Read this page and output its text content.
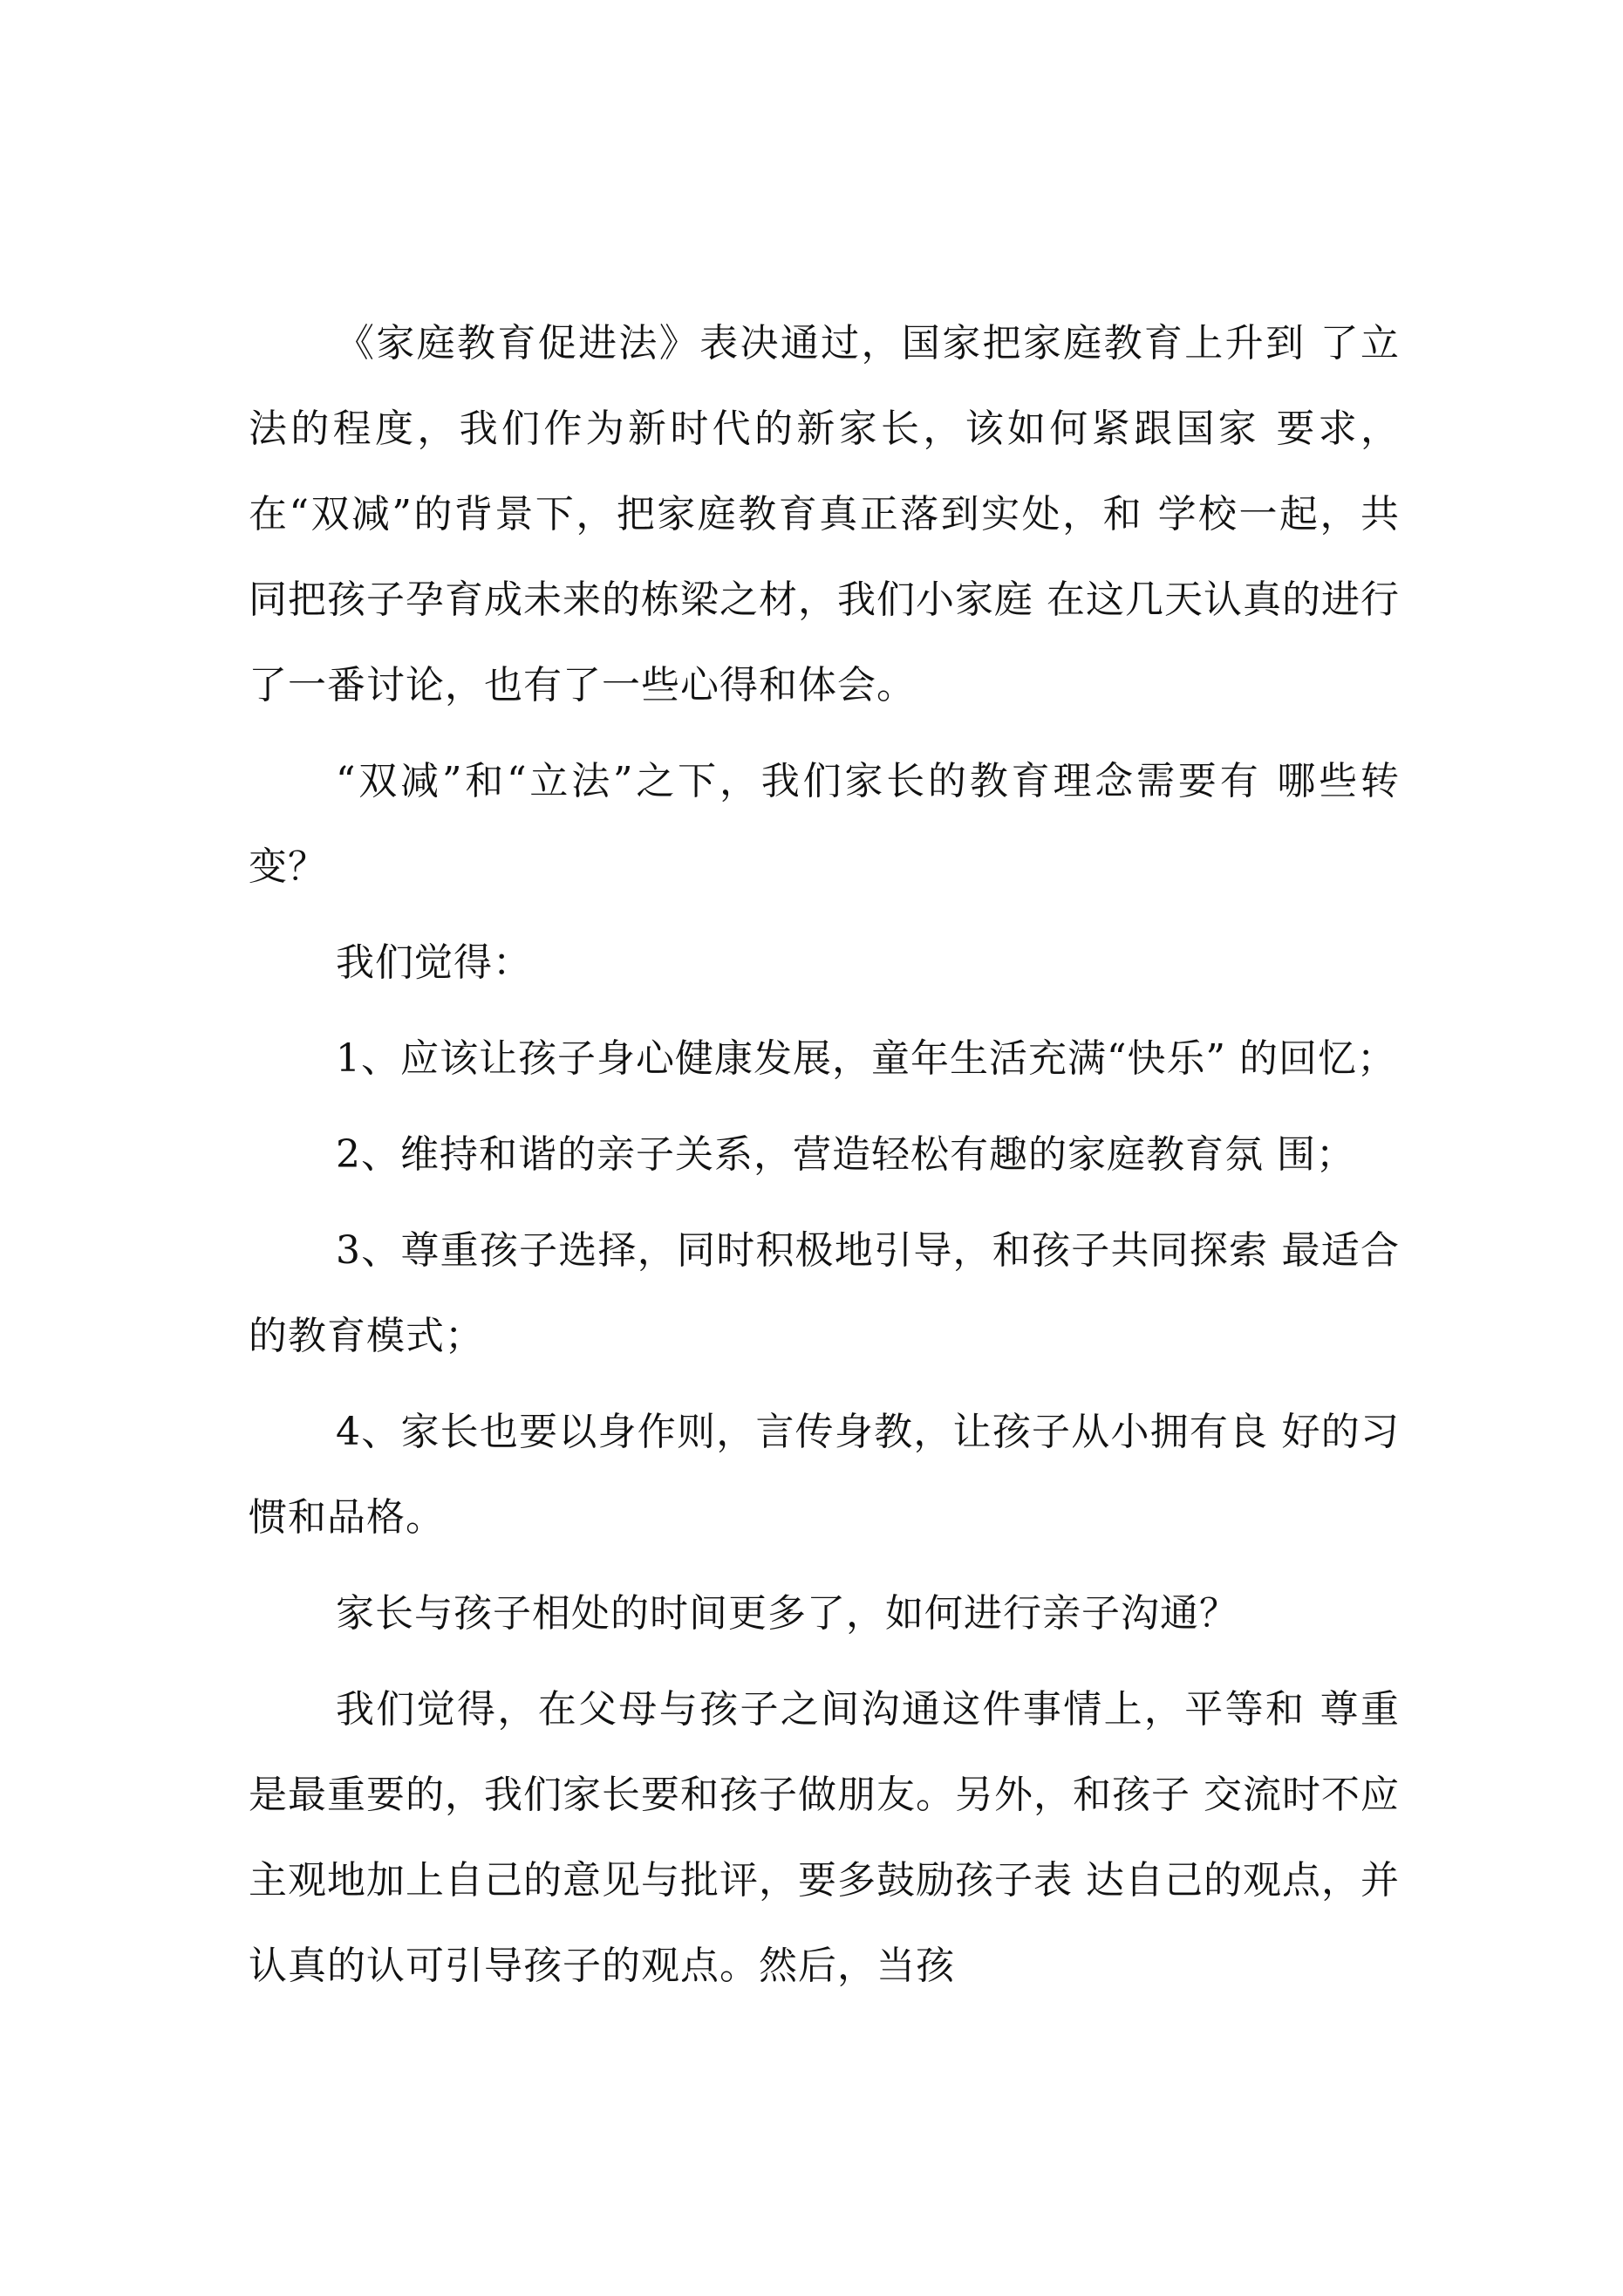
《家庭教育促进法》表决通过，国家把家庭教育上升到 了立法的程度，我们作为新时代的新家长，该如何紧跟国家 要求，在“双减”的背景下，把家庭教育真正落到实处，和 学校一起，共同把孩子孕育成未来的栋梁之材，我们小家庭 在这几天认真的进行了一番讨论，也有了一些心得和体会。

“双减”和“立法”之下，我们家长的教育理念需要有 哪些转变？

我们觉得：

1、应该让孩子身心健康发展，童年生活充满“快乐” 的回忆；

2、维持和谐的亲子关系，营造轻松有趣的家庭教育氛 围；

3、尊重孩子选择，同时积极地引导，和孩子共同探索 最适合的教育模式；

4、家长也要以身作则，言传身教，让孩子从小拥有良 好的习惯和品格。

家长与孩子相处的时间更多了，如何进行亲子沟通？

我们觉得，在父母与孩子之间沟通这件事情上，平等和 尊重是最重要的，我们家长要和孩子做朋友。另外，和孩子 交流时不应主观地加上自己的意见与批评，要多鼓励孩子表 达自己的观点，并认真的认可引导孩子的观点。然后，当孩
